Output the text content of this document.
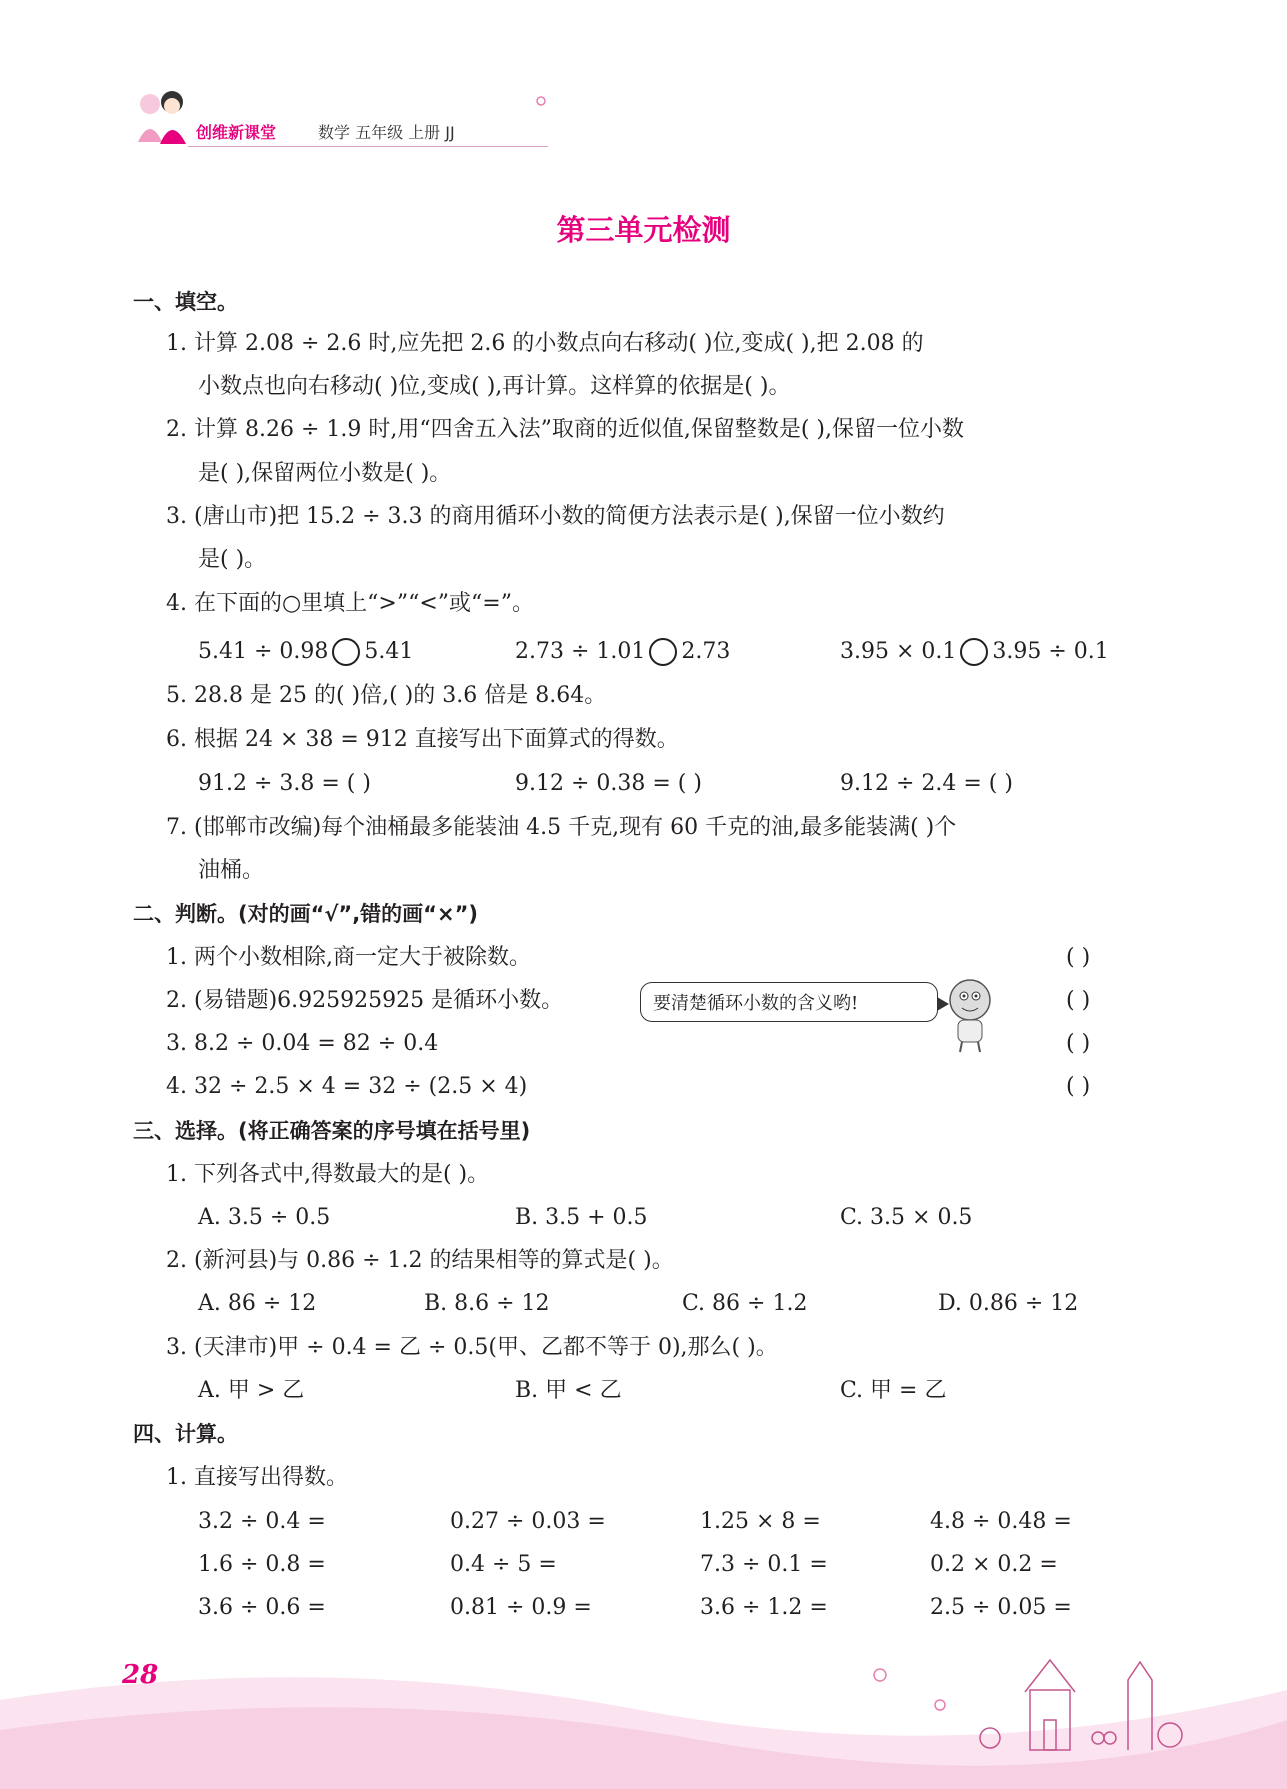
创维新课堂	数学 五年级 上册 JJ
第三单元检测
一、填空。
1. 计算 2.08 ÷ 2.6 时,应先把 2.6 的小数点向右移动( )位,变成( ),把 2.08 的
小数点也向右移动( )位,变成( ),再计算。这样算的依据是( )。
2. 计算 8.26 ÷ 1.9 时,用“四舍五入法”取商的近似值,保留整数是( ),保留一位小数
是( ),保留两位小数是( )。
3. (唐山市)把 15.2 ÷ 3.3 的商用循环小数的简便方法表示是( ),保留一位小数约
是( )。
4. 在下面的○里填上“>”“<”或“=”。
5.41 ÷ 0.98 5.41	2.73 ÷ 1.01 2.73	3.95 × 0.1 3.95 ÷ 0.1
5. 28.8 是 25 的( )倍,( )的 3.6 倍是 8.64。
6. 根据 24 × 38 = 912 直接写出下面算式的得数。
91.2 ÷ 3.8 = ( )	9.12 ÷ 0.38 = ( )	9.12 ÷ 2.4 = ( )
7. (邯郸市改编)每个油桶最多能装油 4.5 千克,现有 60 千克的油,最多能装满( )个
油桶。
二、判断。(对的画“√”,错的画“×”)
1. 两个小数相除,商一定大于被除数。	( )
2. (易错题)6.925925925 是循环小数。	( )
3. 8.2 ÷ 0.04 = 82 ÷ 0.4	( )
4. 32 ÷ 2.5 × 4 = 32 ÷ (2.5 × 4)	( )
要清楚循环小数的含义哟!
三、选择。(将正确答案的序号填在括号里)
1. 下列各式中,得数最大的是( )。
A. 3.5 ÷ 0.5	B. 3.5 + 0.5	C. 3.5 × 0.5
2. (新河县)与 0.86 ÷ 1.2 的结果相等的算式是( )。
A. 86 ÷ 12	B. 8.6 ÷ 12	C. 86 ÷ 1.2	D. 0.86 ÷ 12
3. (天津市)甲 ÷ 0.4 = 乙 ÷ 0.5(甲、乙都不等于 0),那么( )。
A. 甲 > 乙	B. 甲 < 乙	C. 甲 = 乙
四、计算。
1. 直接写出得数。
3.2 ÷ 0.4 =	0.27 ÷ 0.03 =	1.25 × 8 =	4.8 ÷ 0.48 =
1.6 ÷ 0.8 =	0.4 ÷ 5 =	7.3 ÷ 0.1 =	0.2 × 0.2 =
3.6 ÷ 0.6 =	0.81 ÷ 0.9 =	3.6 ÷ 1.2 =	2.5 ÷ 0.05 =
28
